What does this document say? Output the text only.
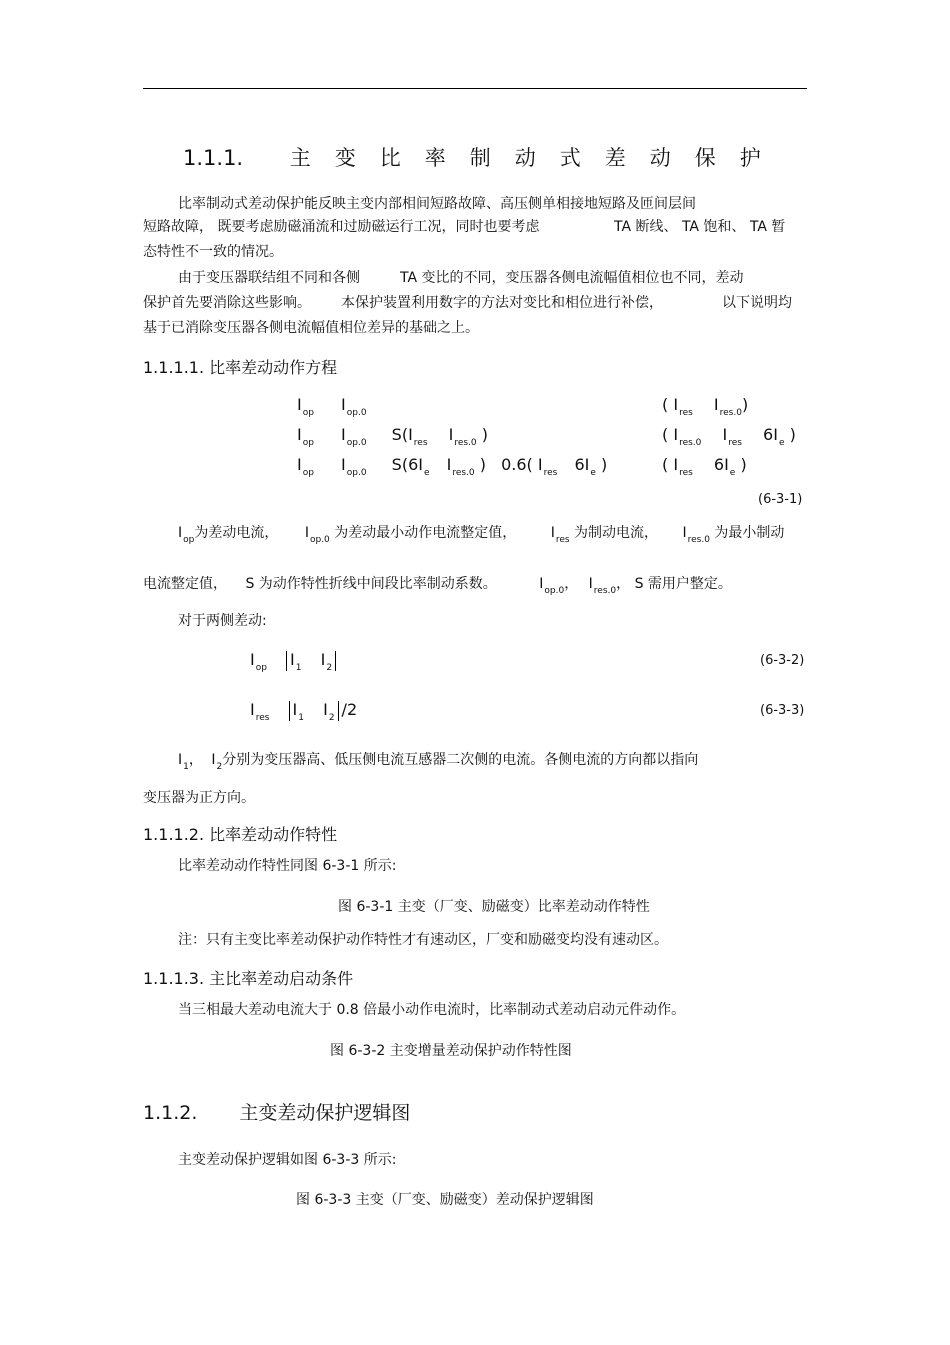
1.1.1. 主变比率制动式差动保护
比率制动式差动保护能反映主变内部相间短路故障、高压侧单相接地短路及匝间层间
短路故障， 既要考虑励磁涌流和过励磁运行工况，同时也要考虑	TA 断线、 TA 饱和、 TA 暂
态特性不一致的情况。
由于变压器联结组不同和各侧	TA 变比的不同，变压器各侧电流幅值相位也不同，差动
保护首先要消除这些影响。 本保护装置利用数字的方法对变比和相位进行补偿，	以下说明均
基于已消除变压器各侧电流幅值相位差异的基础之上。
1.1.1.1. 比率差动动作方程
$I_{op}$ $I_{op.0}$	( $I_{res}$ $I_{res.0}$)
$I_{op}$ $I_{op.0}$ $S(I_{res}$ $I_{res.0}$ )	( $I_{res.0}$ $I_{res}$ $6I_e$ )
$I_{op}$ $I_{op.0}$ $S(6I_e$ $I_{res.0}$ ) 0.6( $I_{res}$ $6I_e$ )	( $I_{res}$ $6I_e$ )
(6-3-1)
$I_{op}$为差动电流， $I_{op.0}$ 为差动最小动作电流整定值， $I_{res}$ 为制动电流， $I_{res.0}$ 为最小制动
电流整定值， S 为动作特性折线中间段比率制动系数。	$I_{op.0}$， $I_{res.0}$， S 需用户整定。
对于两侧差动:
$I_{op}$ $I_1$ $I_2$	(6-3-2)
$I_{res}$ $I_1$ $I_2$ /2	(6-3-3)
$I_1$， $I_2$分别为变压器高、低压侧电流互感器二次侧的电流。各侧电流的方向都以指向
变压器为正方向。
1.1.1.2. 比率差动动作特性
比率差动动作特性同图 6-3-1 所示:
图 6-3-1 主变（厂变、励磁变）比率差动动作特性
注：只有主变比率差动保护动作特性才有速动区，厂变和励磁变均没有速动区。
1.1.1.3. 主比率差动启动条件
当三相最大差动电流大于 0.8 倍最小动作电流时，比率制动式差动启动元件动作。
图 6-3-2 主变增量差动保护动作特性图
1.1.2. 主变差动保护逻辑图
主变差动保护逻辑如图 6-3-3 所示:
图 6-3-3 主变（厂变、励磁变）差动保护逻辑图
